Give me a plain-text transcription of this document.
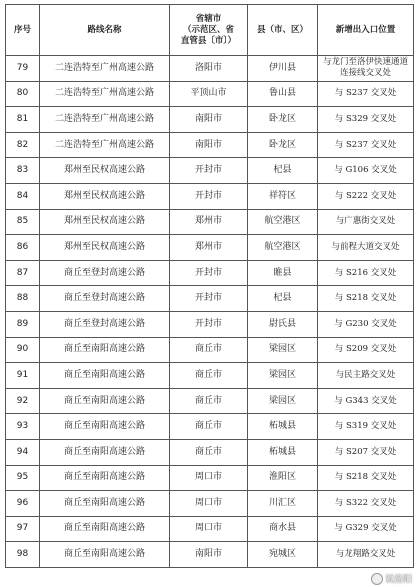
序号	路线名称	省辖市
（示范区、省
直管县〔市〕）	县（市、区）	新增出入口位置
79	二连浩特至广州高速公路	洛阳市	伊川县	与龙门至洛伊快速通道连接线交叉处
80	二连浩特至广州高速公路	平顶山市	鲁山县	与 S237 交叉处
81	二连浩特至广州高速公路	南阳市	卧龙区	与 S329 交叉处
82	二连浩特至广州高速公路	南阳市	卧龙区	与 S237 交叉处
83	郑州至民权高速公路	开封市	杞县	与 G106 交叉处
84	郑州至民权高速公路	开封市	祥符区	与 S222 交叉处
85	郑州至民权高速公路	郑州市	航空港区	与广惠街交叉处
86	郑州至民权高速公路	郑州市	航空港区	与前程大道交叉处
87	商丘至登封高速公路	开封市	睢县	与 S216 交叉处
88	商丘至登封高速公路	开封市	杞县	与 S218 交叉处
89	商丘至登封高速公路	开封市	尉氏县	与 G230 交叉处
90	商丘至南阳高速公路	商丘市	梁园区	与 S209 交叉处
91	商丘至南阳高速公路	商丘市	梁园区	与民主路交叉处
92	商丘至南阳高速公路	商丘市	梁园区	与 G343 交叉处
93	商丘至南阳高速公路	商丘市	柘城县	与 S319 交叉处
94	商丘至南阳高速公路	商丘市	柘城县	与 S207 交叉处
95	商丘至南阳高速公路	周口市	淮阳区	与 S218 交叉处
96	商丘至南阳高速公路	周口市	川汇区	与 S322 交叉处
97	商丘至南阳高速公路	周口市	商水县	与 G329 交叉处
98	商丘至南阳高速公路	南阳市	宛城区	与龙翔路交叉处
说洛阳
